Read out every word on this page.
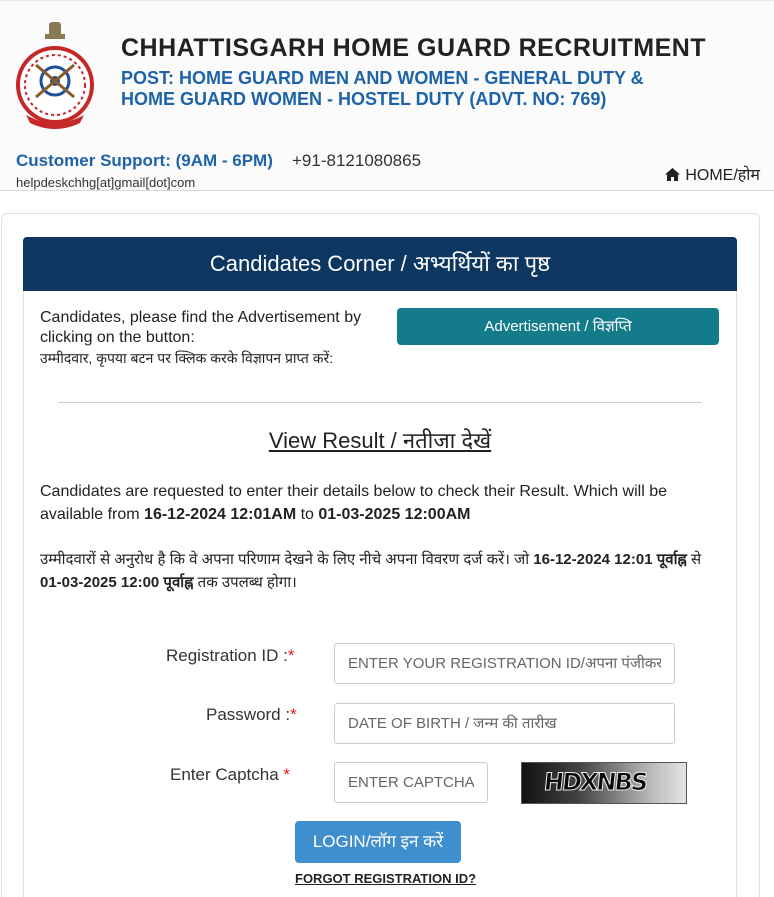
CHHATTISGARH HOME GUARD RECRUITMENT
POST: HOME GUARD MEN AND WOMEN - GENERAL DUTY &
HOME GUARD WOMEN - HOSTEL DUTY (ADVT. NO: 769)
Customer Support: (9AM - 6PM) +91-8121080865
helpdeskchhg[at]gmail[dot]com	HOME/होम
Candidates Corner / अभ्यर्थियों का पृष्ठ
Candidates, please find the Advertisement by clicking on the button:
उम्मीदवार, कृपया बटन पर क्लिक करके विज्ञापन प्राप्त करें:
Advertisement / विज्ञप्ति
View Result / नतीजा देखें
Candidates are requested to enter their details below to check their Result. Which will be available from 16-12-2024 12:01AM to 01-03-2025 12:00AM
उम्मीदवारों से अनुरोध है कि वे अपना परिणाम देखने के लिए नीचे अपना विवरण दर्ज करें। जो 16-12-2024 12:01 पूर्वाह्न से 01-03-2025 12:00 पूर्वाह्न तक उपलब्ध होगा।
Registration ID :*
ENTER YOUR REGISTRATION ID/अपना पंजीकरण
Password :*
DATE OF BIRTH / जन्म की तारीख
Enter Captcha *
ENTER CAPTCHA/	HDXNBS
LOGIN/लॉग इन करें
FORGOT REGISTRATION ID?
